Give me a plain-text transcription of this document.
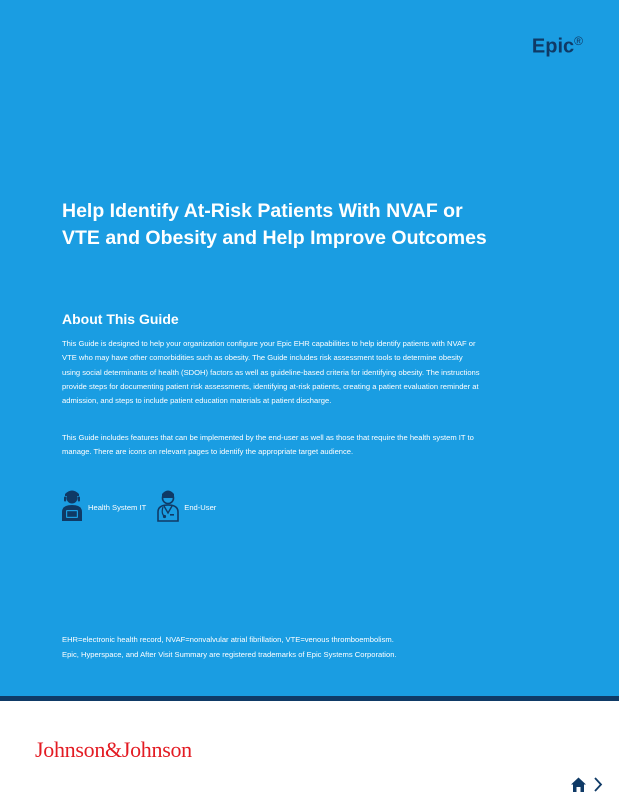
Epic®
Help Identify At-Risk Patients With NVAF or
VTE and Obesity and Help Improve Outcomes
About This Guide

This Guide is designed to help your organization configure your Epic EHR capabilities to help identify patients with NVAF or VTE who may have other comorbidities such as obesity. The Guide includes risk assessment tools to determine obesity using social determinants of health (SDOH) factors as well as guideline-based criteria for identifying obesity. The instructions provide steps for documenting patient risk assessments, identifying at-risk patients, creating a patient evaluation reminder at admission, and steps to include patient education materials at patient discharge.

This Guide includes features that can be implemented by the end-user as well as those that require the health system IT to manage. There are icons on relevant pages to identify the appropriate target audience.

Health System IT	End-User
EHR=electronic health record, NVAF=nonvalvular atrial fibrillation, VTE=venous thromboembolism.
Epic, Hyperspace, and After Visit Summary are registered trademarks of Epic Systems Corporation.
Johnson&Johnson
